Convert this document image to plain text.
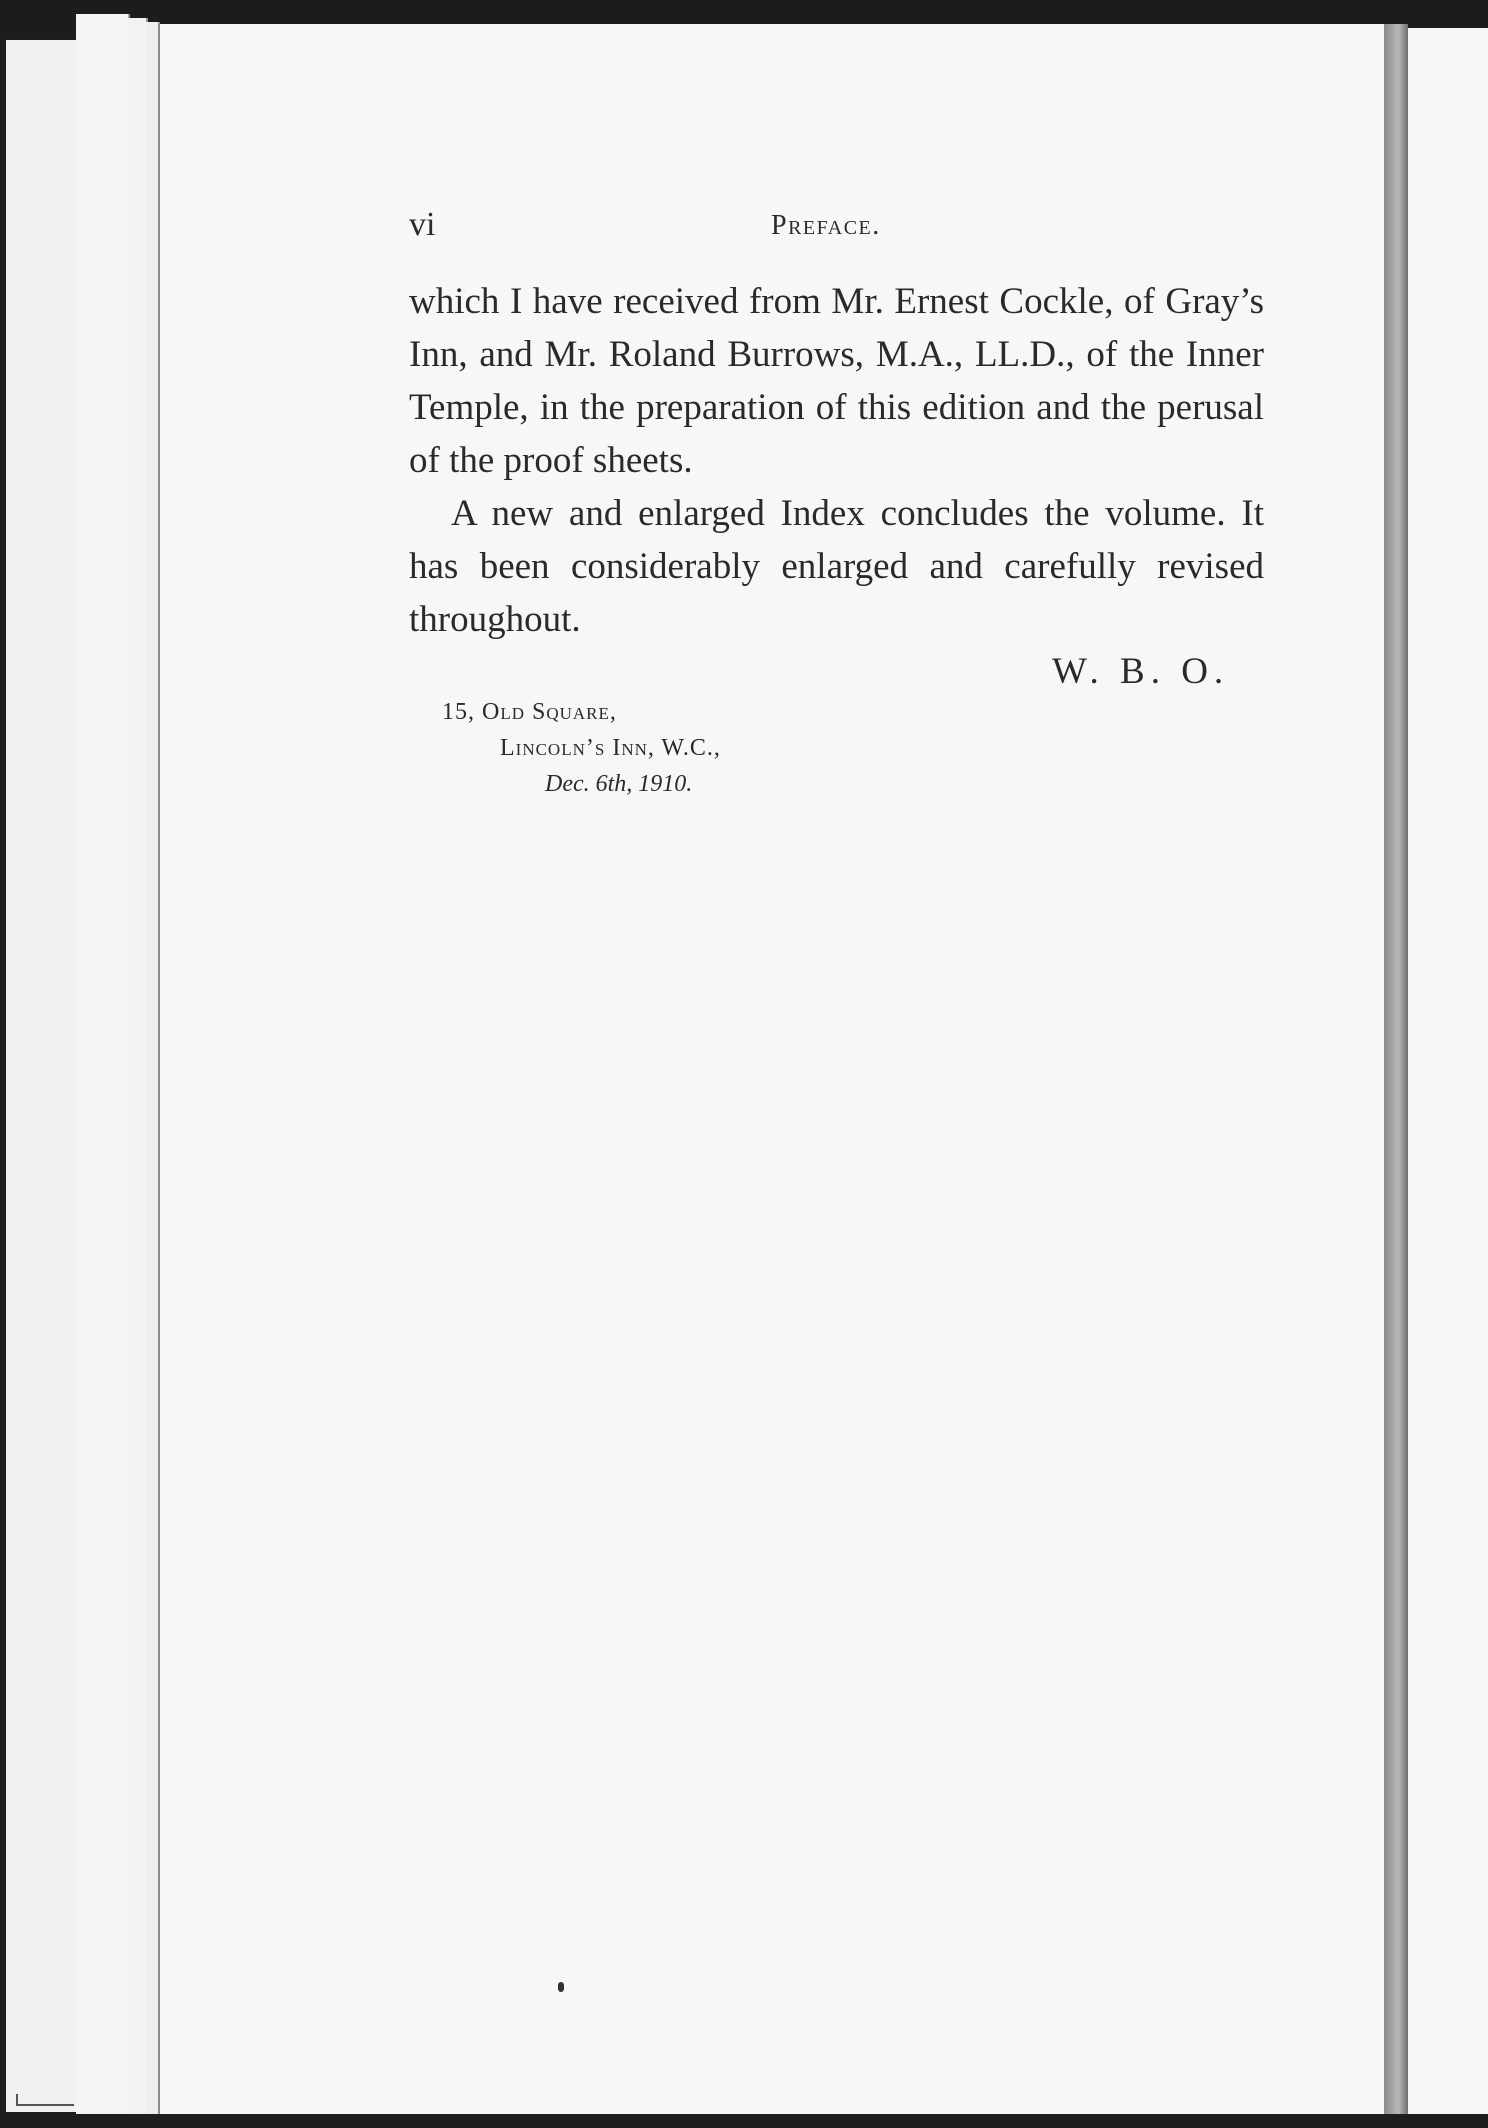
vi	Preface.

which I have received from Mr. Ernest Cockle, of Gray’s Inn, and Mr. Roland Burrows, M.A., LL.D., of the Inner Temple, in the preparation of this edition and the perusal of the proof sheets.

A new and enlarged Index concludes the volume. It has been considerably enlarged and carefully revised throughout.

W. B. O.
15, Old Square,
Lincoln’s Inn, W.C.,
Dec. 6th, 1910.
